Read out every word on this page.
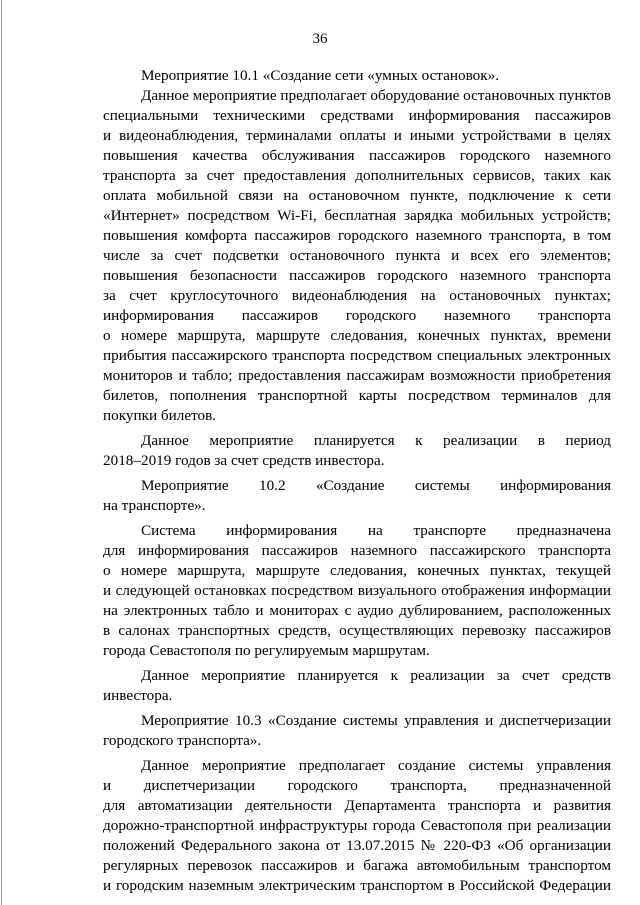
36
Мероприятие 10.1 «Создание сети «умных остановок».
Данное мероприятие предполагает оборудование остановочных пунктов
специальными техническими средствами информирования пассажиров
и видеонаблюдения, терминалами оплаты и иными устройствами в целях
повышения качества обслуживания пассажиров городского наземного
транспорта за счет предоставления дополнительных сервисов, таких как
оплата мобильной связи на остановочном пункте, подключение к сети
«Интернет» посредством Wi-Fi, бесплатная зарядка мобильных устройств;
повышения комфорта пассажиров городского наземного транспорта, в том
числе за счет подсветки остановочного пункта и всех его элементов;
повышения безопасности пассажиров городского наземного транспорта
за счет круглосуточного видеонаблюдения на остановочных пунктах;
информирования пассажиров городского наземного транспорта
о номере маршрута, маршруте следования, конечных пунктах, времени
прибытия пассажирского транспорта посредством специальных электронных
мониторов и табло; предоставления пассажирам возможности приобретения
билетов, пополнения транспортной карты посредством терминалов для
покупки билетов.
Данное мероприятие планируется к реализации в период
2018–2019 годов за счет средств инвестора.
Мероприятие 10.2 «Создание системы информирования
на транспорте».
Система информирования на транспорте предназначена
для информирования пассажиров наземного пассажирского транспорта
о номере маршрута, маршруте следования, конечных пунктах, текущей
и следующей остановках посредством визуального отображения информации
на электронных табло и мониторах с аудио дублированием, расположенных
в салонах транспортных средств, осуществляющих перевозку пассажиров
города Севастополя по регулируемым маршрутам.
Данное мероприятие планируется к реализации за счет средств
инвестора.
Мероприятие 10.3 «Создание системы управления и диспетчеризации
городского транспорта».
Данное мероприятие предполагает создание системы управления
и диспетчеризации городского транспорта, предназначенной
для автоматизации деятельности Департамента транспорта и развития
дорожно-транспортной инфраструктуры города Севастополя при реализации
положений Федерального закона от 13.07.2015 № 220-ФЗ «Об организации
регулярных перевозок пассажиров и багажа автомобильным транспортом
и городским наземным электрическим транспортом в Российской Федерации
